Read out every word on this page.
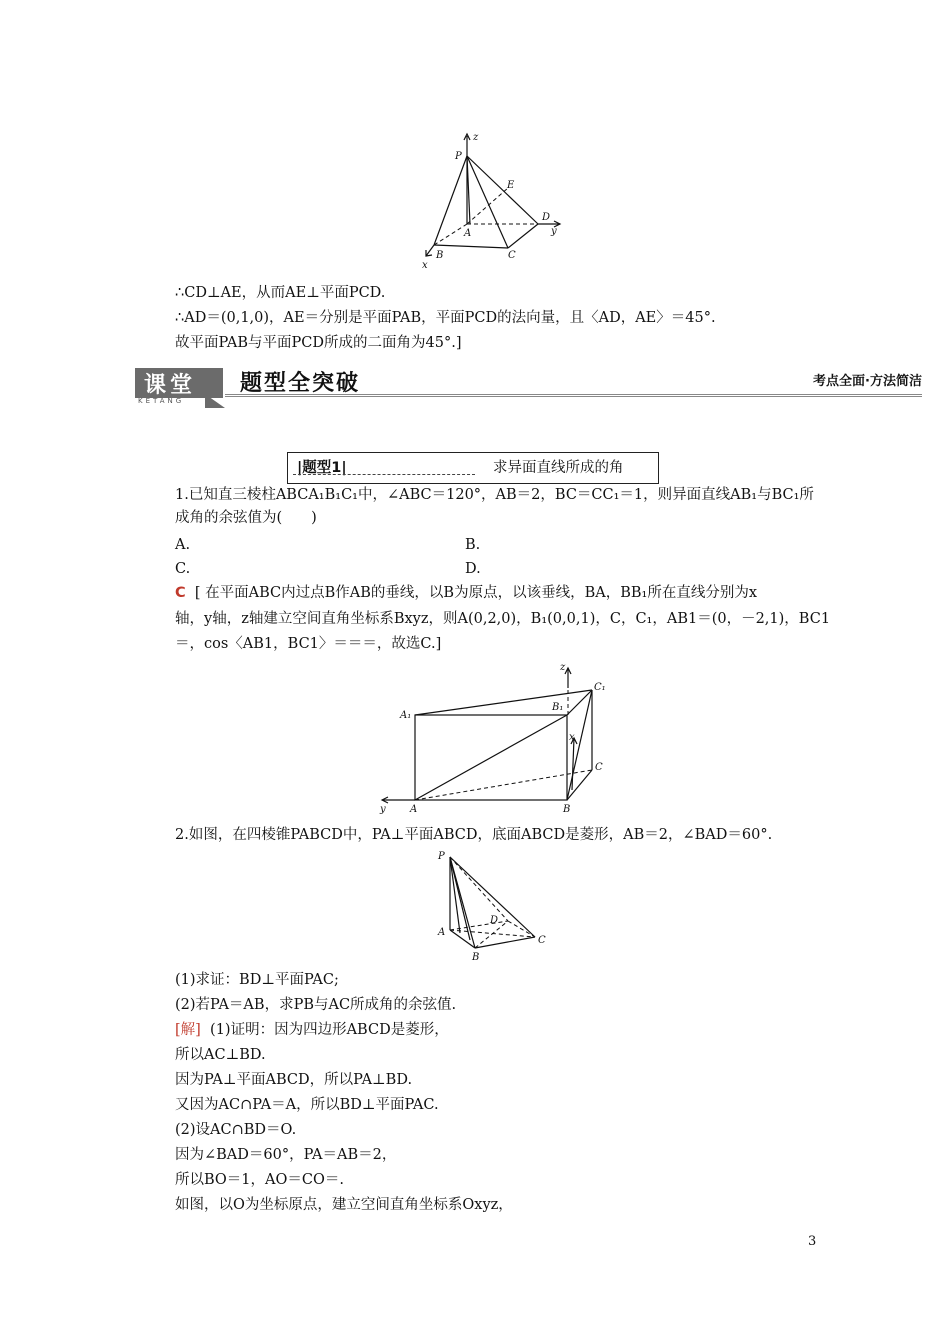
z
P
E
D
y
A
B	C
x
∴CD⊥AE，从而AE⊥平面PCD.
∴AD＝(0,1,0)，AE＝分别是平面PAB，平面PCD的法向量，且〈AD，AE〉＝45°.
故平面PAB与平面PCD所成的二面角为45°.]
课堂
KETANG
题型全突破	考点全面·方法简洁
|题型1|	求异面直线所成的角
1.已知直三棱柱ABCA₁B₁C₁中，∠ABC＝120°，AB＝2，BC＝CC₁＝1，则异面直线AB₁与BC₁所
成角的余弦值为(　　)
A.	B.
C.	D.
C [ 在平面ABC内过点B作AB的垂线，以B为原点，以该垂线，BA，BB₁所在直线分别为x
轴，y轴，z轴建立空间直角坐标系Bxyz，则A(0,2,0)，B₁(0,0,1)，C，C₁，AB1＝(0，－2,1)，BC1
＝，cos〈AB1，BC1〉＝＝＝，故选C.]
z
C₁
A₁
B₁
x
C
y A	B
2.如图，在四棱锥PABCD中，PA⊥平面ABCD，底面ABCD是菱形，AB＝2，∠BAD＝60°.
P
D
A
C
B
(1)求证：BD⊥平面PAC;
(2)若PA＝AB，求PB与AC所成角的余弦值.
[解] (1)证明：因为四边形ABCD是菱形，
所以AC⊥BD.
因为PA⊥平面ABCD，所以PA⊥BD.
又因为AC∩PA＝A，所以BD⊥平面PAC.
(2)设AC∩BD＝O.
因为∠BAD＝60°，PA＝AB＝2，
所以BO＝1，AO＝CO＝.
如图，以O为坐标原点，建立空间直角坐标系Oxyz，
3
